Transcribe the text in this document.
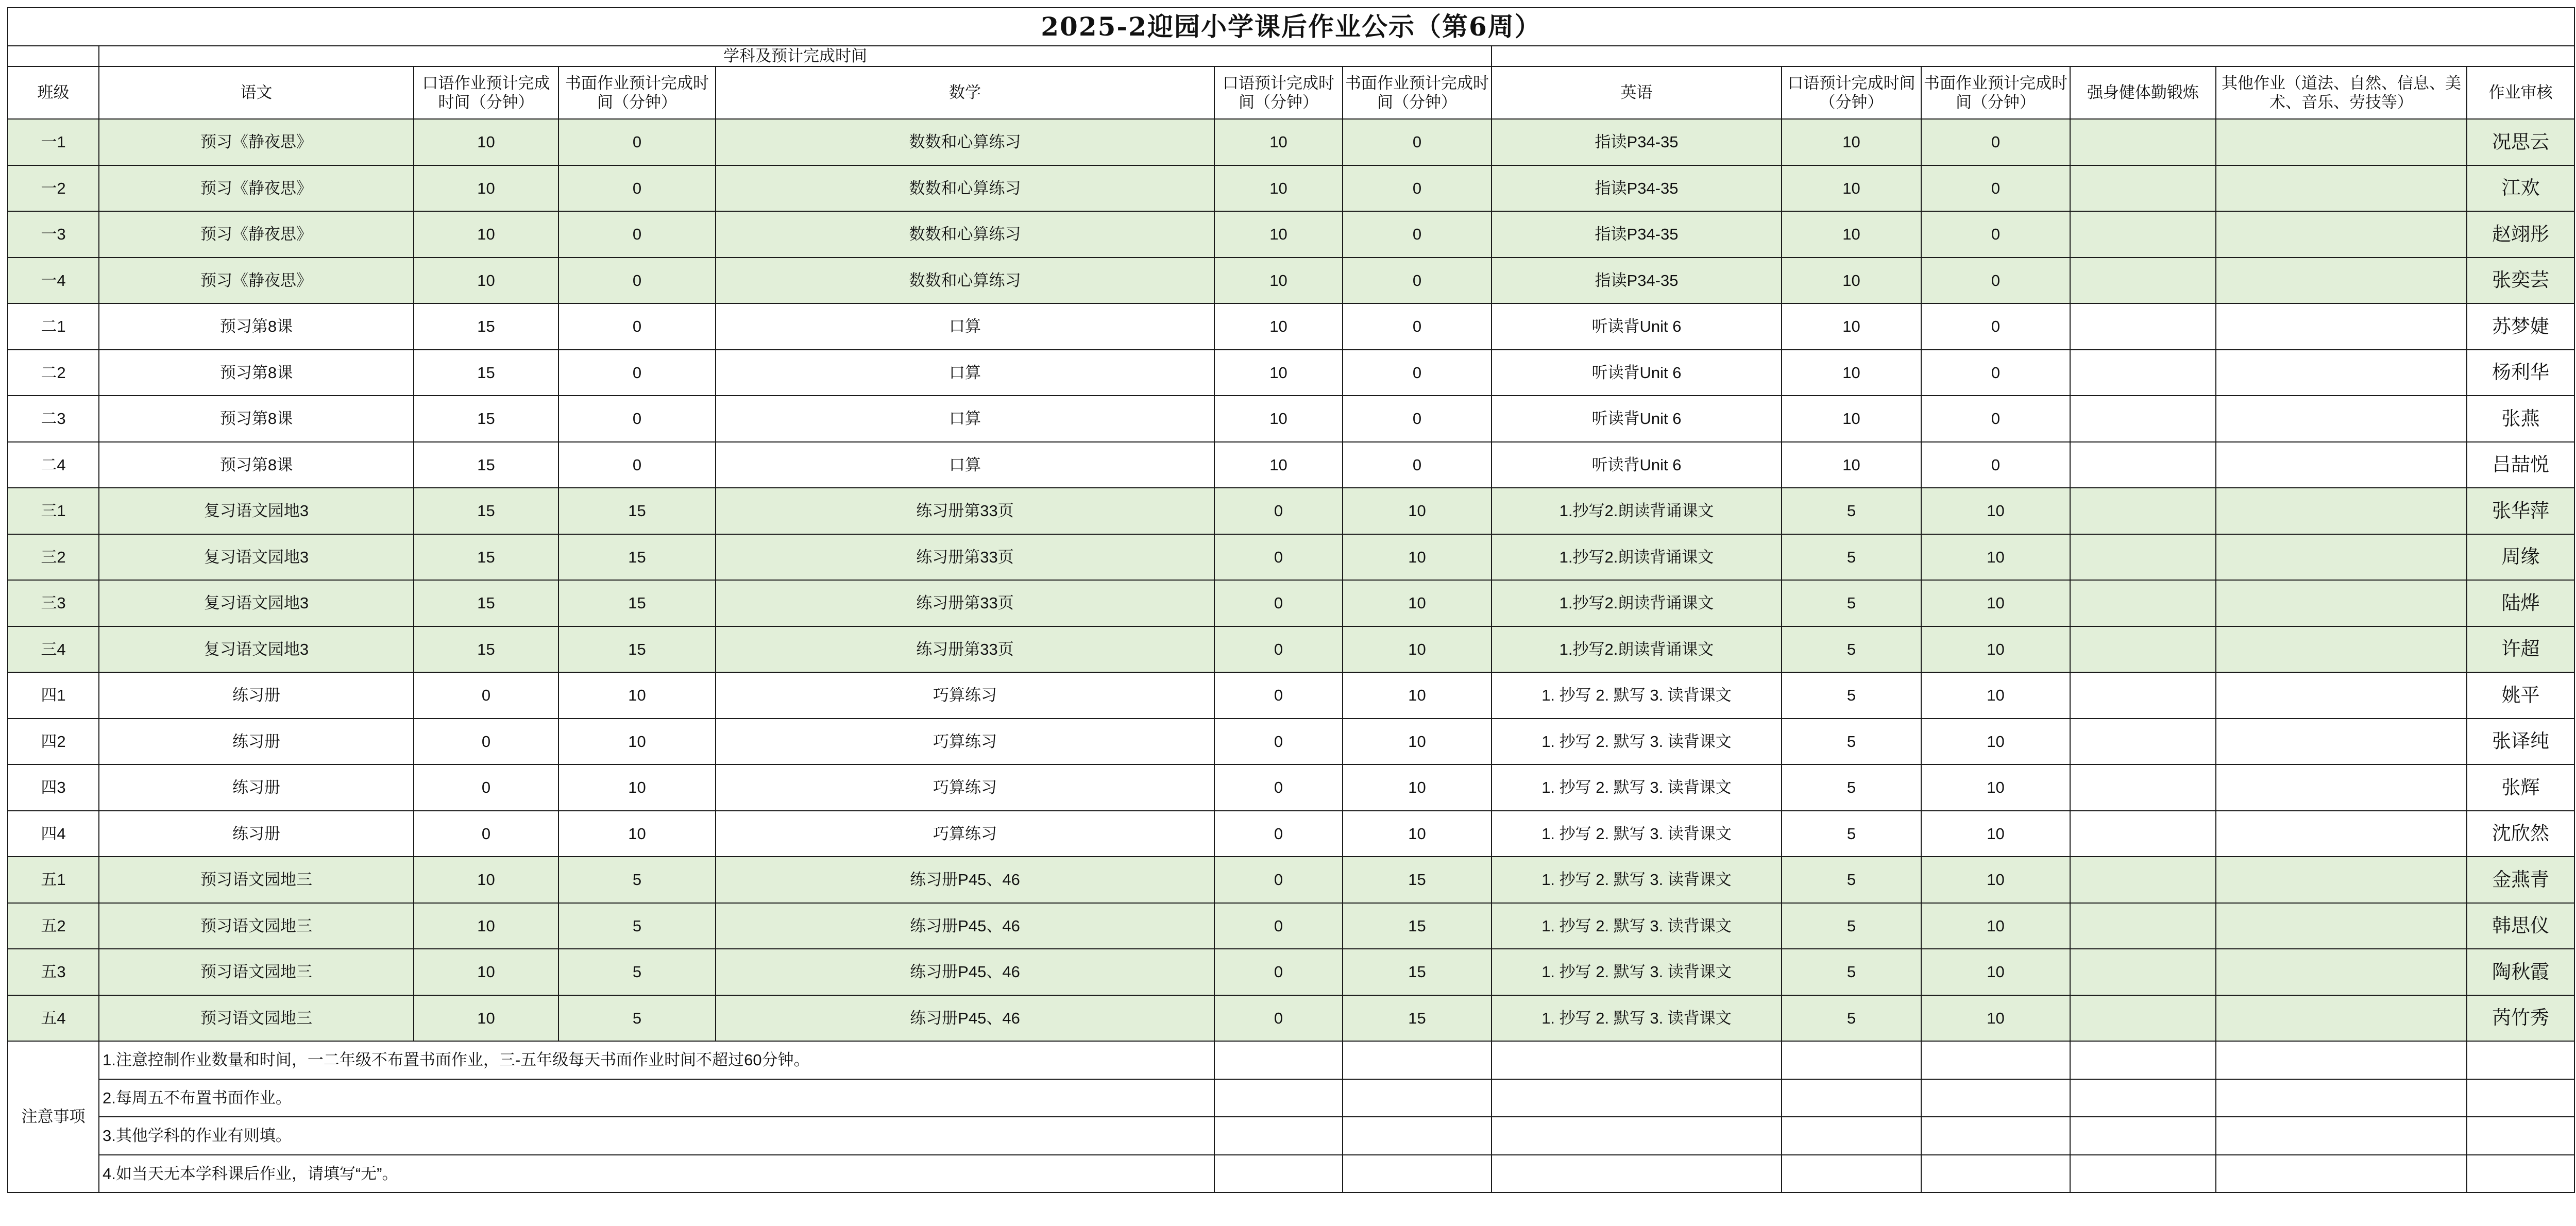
2025-2迎园小学课后作业公示（第6周）												
	学科及预计完成时间											
班级	语文	口语作业预计完成时间（分钟）	书面作业预计完成时间（分钟）	数学	口语预计完成时间（分钟）	书面作业预计完成时间（分钟）	英语	口语预计完成时间（分钟）	书面作业预计完成时间（分钟）	强身健体勤锻炼	其他作业（道法、自然、信息、美术、音乐、劳技等）	作业审核
一1	预习《静夜思》	10	0	数数和心算练习	10	0	指读P34-35	10	0			况思云
一2	预习《静夜思》	10	0	数数和心算练习	10	0	指读P34-35	10	0			江欢
一3	预习《静夜思》	10	0	数数和心算练习	10	0	指读P34-35	10	0			赵翊彤
一4	预习《静夜思》	10	0	数数和心算练习	10	0	指读P34-35	10	0			张奕芸
二1	预习第8课	15	0	口算	10	0	听读背Unit 6	10	0			苏梦婕
二2	预习第8课	15	0	口算	10	0	听读背Unit 6	10	0			杨利华
二3	预习第8课	15	0	口算	10	0	听读背Unit 6	10	0			张燕
二4	预习第8课	15	0	口算	10	0	听读背Unit 6	10	0			吕喆悦
三1	复习语文园地3	15	15	练习册第33页	0	10	1.抄写2.朗读背诵课文	5	10			张华萍
三2	复习语文园地3	15	15	练习册第33页	0	10	1.抄写2.朗读背诵课文	5	10			周缘
三3	复习语文园地3	15	15	练习册第33页	0	10	1.抄写2.朗读背诵课文	5	10			陆烨
三4	复习语文园地3	15	15	练习册第33页	0	10	1.抄写2.朗读背诵课文	5	10			许超
四1	练习册	0	10	巧算练习	0	10	1. 抄写 2. 默写 3. 读背课文	5	10			姚平
四2	练习册	0	10	巧算练习	0	10	1. 抄写 2. 默写 3. 读背课文	5	10			张译纯
四3	练习册	0	10	巧算练习	0	10	1. 抄写 2. 默写 3. 读背课文	5	10			张辉
四4	练习册	0	10	巧算练习	0	10	1. 抄写 2. 默写 3. 读背课文	5	10			沈欣然
五1	预习语文园地三	10	5	练习册P45、46	0	15	1. 抄写 2. 默写 3. 读背课文	5	10			金燕青
五2	预习语文园地三	10	5	练习册P45、46	0	15	1. 抄写 2. 默写 3. 读背课文	5	10			韩思仪
五3	预习语文园地三	10	5	练习册P45、46	0	15	1. 抄写 2. 默写 3. 读背课文	5	10			陶秋霞
五4	预习语文园地三	10	5	练习册P45、46	0	15	1. 抄写 2. 默写 3. 读背课文	5	10			芮竹秀
注意事项	1.注意控制作业数量和时间，一二年级不布置书面作业，三-五年级每天书面作业时间不超过60分钟。											
	2.每周五不布置书面作业。											
	3.其他学科的作业有则填。											
	4.如当天无本学科课后作业，请填写“无”。											
